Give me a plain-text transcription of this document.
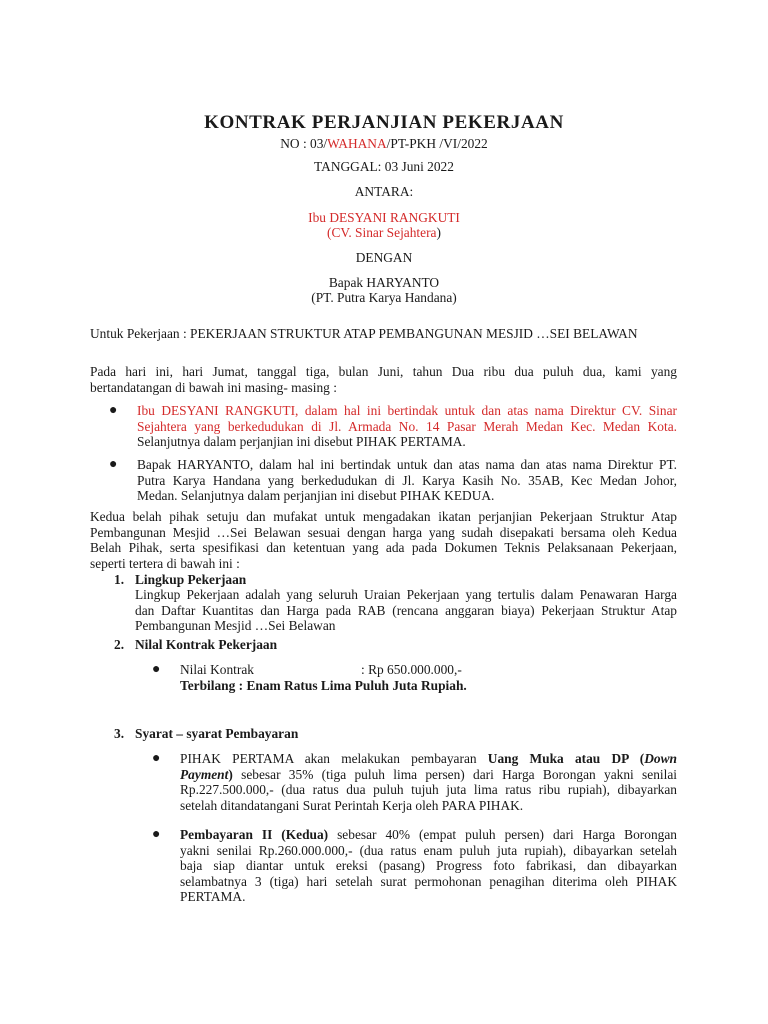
KONTRAK PERJANJIAN PEKERJAAN
NO : 03/WAHANA/PT-PKH /VI/2022
TANGGAL: 03 Juni 2022
ANTARA:
Ibu DESYANI RANGKUTI
(CV. Sinar Sejahtera)
DENGAN
Bapak HARYANTO
(PT. Putra Karya Handana)
Untuk Pekerjaan : PEKERJAAN STRUKTUR ATAP PEMBANGUNAN MESJID …SEI BELAWAN
Pada hari ini, hari Jumat, tanggal tiga, bulan Juni, tahun Dua ribu dua puluh dua, kami yang
bertandatangan di bawah ini masing- masing :
● Ibu DESYANI RANGKUTI, dalam hal ini bertindak untuk dan atas nama Direktur CV. Sinar
Sejahtera yang berkedudukan di Jl. Armada No. 14 Pasar Merah Medan Kec. Medan Kota.
Selanjutnya dalam perjanjian ini disebut PIHAK PERTAMA.
● Bapak HARYANTO, dalam hal ini bertindak untuk dan atas nama dan atas nama Direktur PT.
Putra Karya Handana yang berkedudukan di Jl. Karya Kasih No. 35AB, Kec Medan Johor,
Medan. Selanjutnya dalam perjanjian ini disebut PIHAK KEDUA.
Kedua belah pihak setuju dan mufakat untuk mengadakan ikatan perjanjian Pekerjaan Struktur Atap
Pembangunan Mesjid …Sei Belawan sesuai dengan harga yang sudah disepakati bersama oleh Kedua
Belah Pihak, serta spesifikasi dan ketentuan yang ada pada Dokumen Teknis Pelaksanaan Pekerjaan,
seperti tertera di bawah ini :
1. Lingkup Pekerjaan
Lingkup Pekerjaan adalah yang seluruh Uraian Pekerjaan yang tertulis dalam Penawaran Harga
dan Daftar Kuantitas dan Harga pada RAB (rencana anggaran biaya) Pekerjaan Struktur Atap
Pembangunan Mesjid …Sei Belawan
2. Nilal Kontrak Pekerjaan
● Nilai Kontrak	: Rp 650.000.000,-
Terbilang : Enam Ratus Lima Puluh Juta Rupiah.
3. Syarat – syarat Pembayaran
● PIHAK PERTAMA akan melakukan pembayaran Uang Muka atau DP (Down
Payment) sebesar 35% (tiga puluh lima persen) dari Harga Borongan yakni senilai
Rp.227.500.000,- (dua ratus dua puluh tujuh juta lima ratus ribu rupiah), dibayarkan
setelah ditandatangani Surat Perintah Kerja oleh PARA PIHAK.
● Pembayaran II (Kedua) sebesar 40% (empat puluh persen) dari Harga Borongan
yakni senilai Rp.260.000.000,- (dua ratus enam puluh juta rupiah), dibayarkan setelah
baja siap diantar untuk ereksi (pasang) Progress foto fabrikasi, dan dibayarkan
selambatnya 3 (tiga) hari setelah surat permohonan penagihan diterima oleh PIHAK
PERTAMA.
